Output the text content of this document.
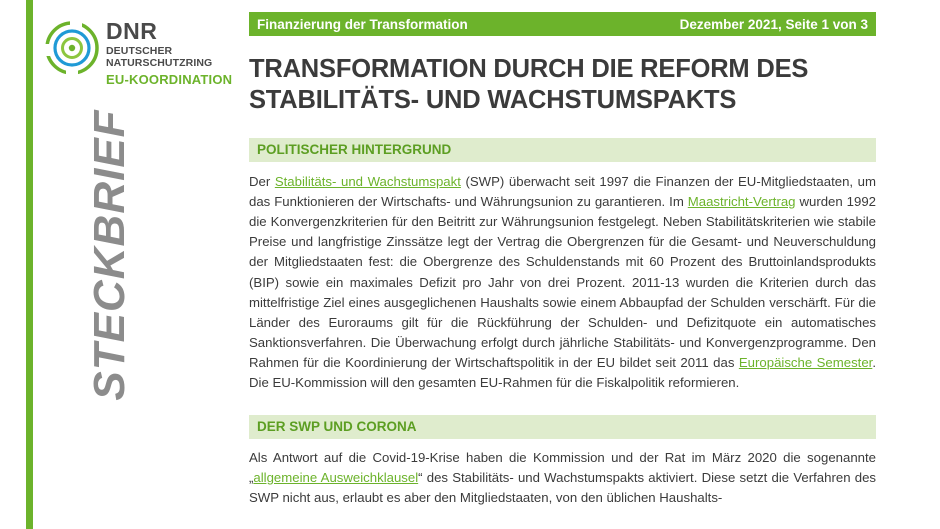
DNR
DEUTSCHER
NATURSCHUTZRING
EU-KOORDINATION
STECKBRIEF
Finanzierung der Transformation	Dezember 2021, Seite 1 von 3
TRANSFORMATION DURCH DIE REFORM DES STABILITÄTS- UND WACHSTUMSPAKTS
POLITISCHER HINTERGRUND
Der Stabilitäts- und Wachstumspakt (SWP) überwacht seit 1997 die Finanzen der EU-Mitgliedstaaten, um das Funktionieren der Wirtschafts- und Währungsunion zu garantieren. Im Maastricht-Vertrag wurden 1992 die Konvergenzkriterien für den Beitritt zur Währungsunion festgelegt. Neben Stabilitätskriterien wie stabile Preise und langfristige Zinssätze legt der Vertrag die Obergrenzen für die Gesamt- und Neuverschuldung der Mitgliedstaaten fest: die Obergrenze des Schuldenstands mit 60 Prozent des Bruttoinlandsprodukts (BIP) sowie ein maximales Defizit pro Jahr von drei Prozent. 2011-13 wurden die Kriterien durch das mittelfristige Ziel eines ausgeglichenen Haushalts sowie einem Abbaupfad der Schulden verschärft. Für die Länder des Euroraums gilt für die Rückführung der Schulden- und Defizitquote ein automatisches Sanktionsverfahren. Die Überwachung erfolgt durch jährliche Stabilitäts- und Konvergenzprogramme. Den Rahmen für die Koordinierung der Wirtschaftspolitik in der EU bildet seit 2011 das Europäische Semester. Die EU-Kommission will den gesamten EU-Rahmen für die Fiskalpolitik reformieren.
DER SWP UND CORONA
Als Antwort auf die Covid-19-Krise haben die Kommission und der Rat im März 2020 die sogenannte „allgemeine Ausweichklausel“ des Stabilitäts- und Wachstumspakts aktiviert. Diese setzt die Verfahren des SWP nicht aus, erlaubt es aber den Mitgliedstaaten, von den üblichen Haushalts-
